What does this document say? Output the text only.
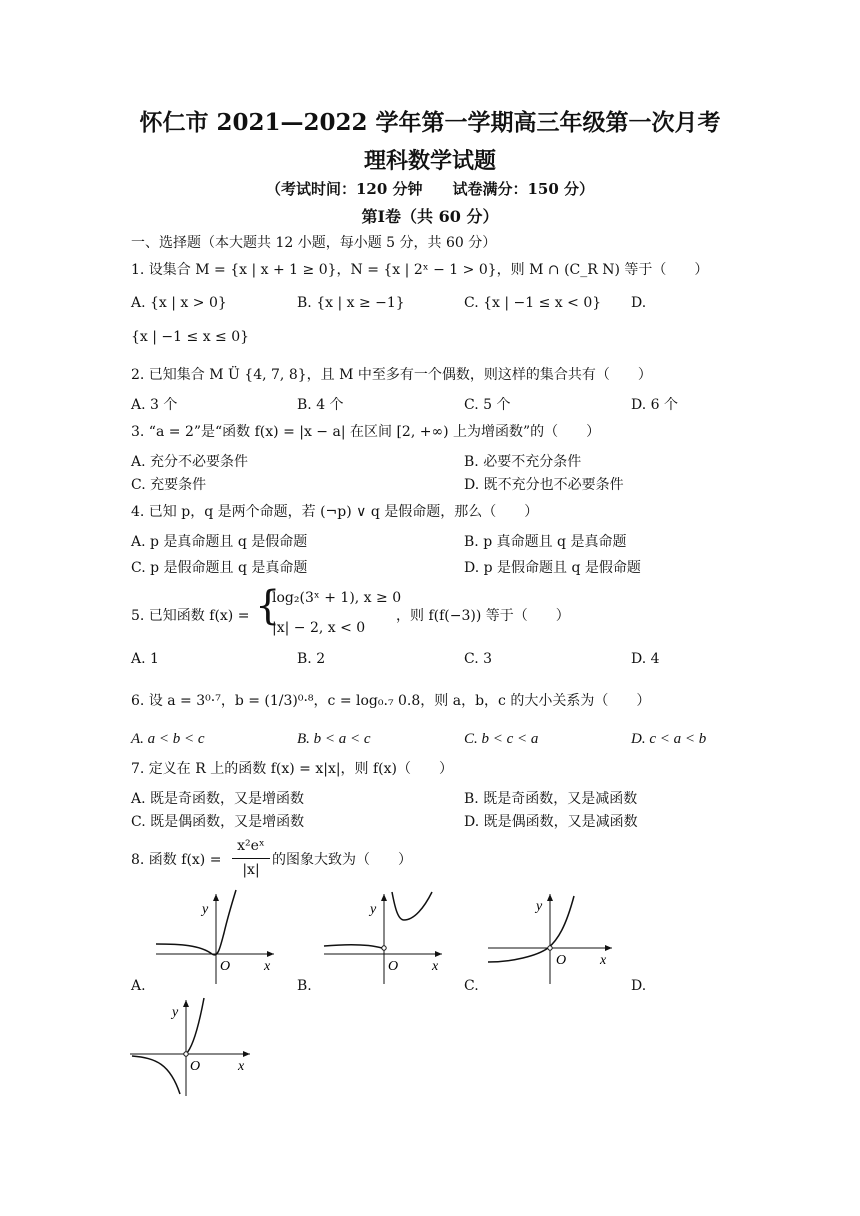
怀仁市 2021—2022 学年第一学期高三年级第一次月考
理科数学试题
（考试时间：120 分钟　　试卷满分：150 分）
第Ⅰ卷（共 60 分）
一、选择题（本大题共 12 小题，每小题 5 分，共 60 分）
1. 设集合 M = {x | x + 1 ≥ 0}，N = {x | 2ˣ − 1 > 0}，则 M ∩ (C_R N) 等于（　　）
A. {x | x > 0}	B. {x | x ≥ −1}	C. {x | −1 ≤ x < 0} D.
{x | −1 ≤ x ≤ 0}
2. 已知集合 M Ü {4, 7, 8}，且 M 中至多有一个偶数，则这样的集合共有（　　）
A. 3 个	B. 4 个	C. 5 个	D. 6 个
3. “a = 2”是“函数 f(x) = |x − a| 在区间 [2, +∞) 上为增函数”的（　　）
A. 充分不必要条件	B. 必要不充分条件
C. 充要条件	D. 既不充分也不必要条件
4. 已知 p，q 是两个命题，若 (¬p) ∨ q 是假命题，那么（　　）
A. p 是真命题且 q 是假命题	B. p 真命题且 q 是真命题
C. p 是假命题且 q 是真命题	D. p 是假命题且 q 是假命题
5. 已知函数 f(x) = {
log₂(3ˣ + 1), x ≥ 0
|x| − 2, x < 0
，则 f(f(−3)) 等于（　　）
A. 1	B. 2	C. 3	D. 4
6. 设 a = 3⁰·⁷，b = (1/3)⁰·⁸，c = log₀.₇ 0.8，则 a，b，c 的大小关系为（　　）
A. a < b < c	B. b < a < c	C. b < c < a	D. c < a < b
7. 定义在 R 上的函数 f(x) = x|x|，则 f(x)（　　）
A. 既是奇函数，又是增函数	B. 既是奇函数，又是减函数
C. 既是偶函数，又是增函数	D. 既是偶函数，又是减函数
8. 函数 f(x) =
x²eˣ
|x|
的图象大致为（　　）
y
x
O
A.
y
x
O
B.
y
x
O
C.	D.
y
x
O
